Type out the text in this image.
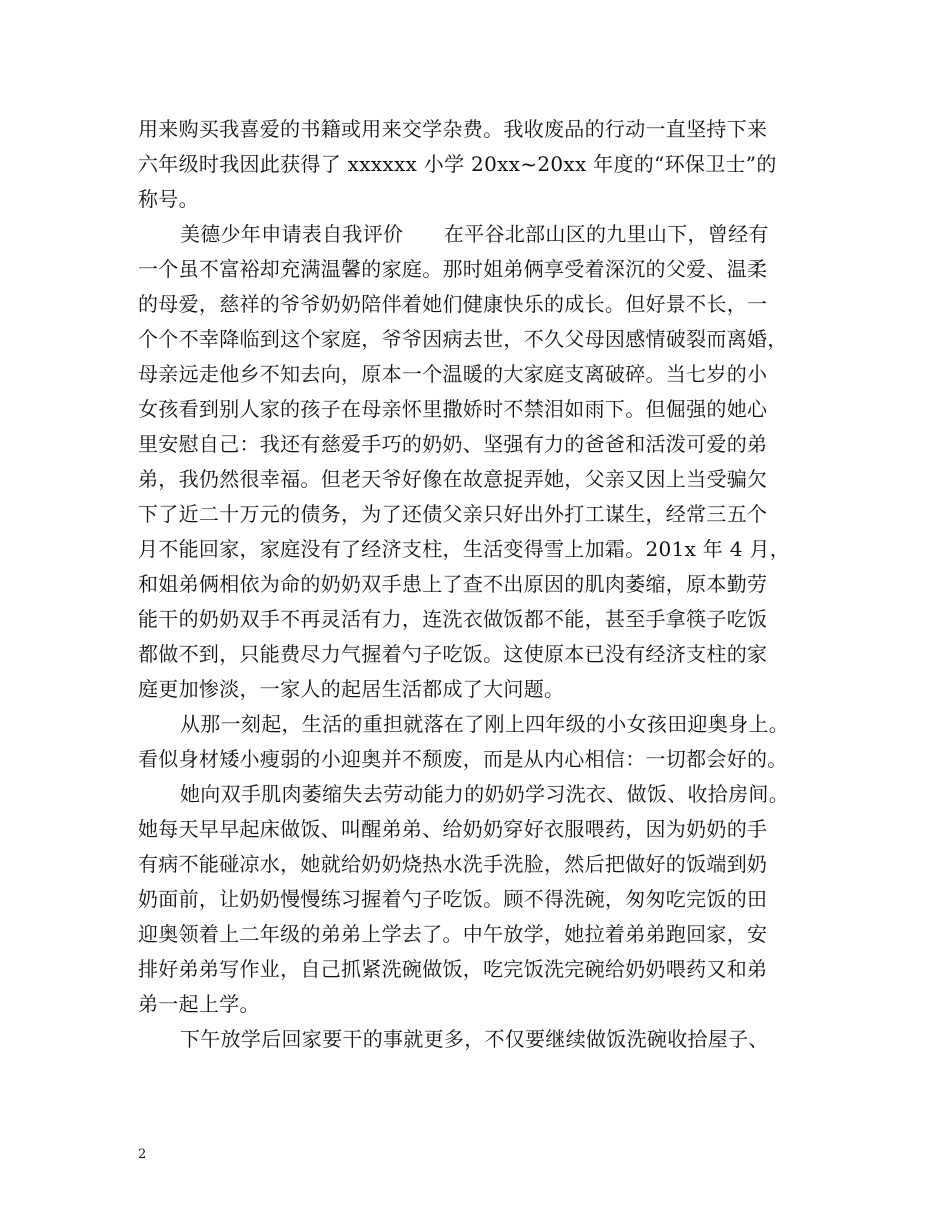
用来购买我喜爱的书籍或用来交学杂费。我收废品的行动一直坚持下来
六年级时我因此获得了 xxxxxx 小学 20xx~20xx 年度的“环保卫士”的
称号。
美德少年申请表自我评价　　在平谷北部山区的九里山下，曾经有
一个虽不富裕却充满温馨的家庭。那时姐弟俩享受着深沉的父爱、温柔
的母爱，慈祥的爷爷奶奶陪伴着她们健康快乐的成长。但好景不长，一
个个不幸降临到这个家庭，爷爷因病去世，不久父母因感情破裂而离婚，
母亲远走他乡不知去向，原本一个温暖的大家庭支离破碎。当七岁的小
女孩看到别人家的孩子在母亲怀里撒娇时不禁泪如雨下。但倔强的她心
里安慰自己：我还有慈爱手巧的奶奶、坚强有力的爸爸和活泼可爱的弟
弟，我仍然很幸福。但老天爷好像在故意捉弄她，父亲又因上当受骗欠
下了近二十万元的债务，为了还债父亲只好出外打工谋生，经常三五个
月不能回家，家庭没有了经济支柱，生活变得雪上加霜。201x 年 4 月，
和姐弟俩相依为命的奶奶双手患上了查不出原因的肌肉萎缩，原本勤劳
能干的奶奶双手不再灵活有力，连洗衣做饭都不能，甚至手拿筷子吃饭
都做不到，只能费尽力气握着勺子吃饭。这使原本已没有经济支柱的家
庭更加惨淡，一家人的起居生活都成了大问题。
从那一刻起，生活的重担就落在了刚上四年级的小女孩田迎奥身上。
看似身材矮小瘦弱的小迎奥并不颓废，而是从内心相信：一切都会好的。
她向双手肌肉萎缩失去劳动能力的奶奶学习洗衣、做饭、收拾房间。
她每天早早起床做饭、叫醒弟弟、给奶奶穿好衣服喂药，因为奶奶的手
有病不能碰凉水，她就给奶奶烧热水洗手洗脸，然后把做好的饭端到奶
奶面前，让奶奶慢慢练习握着勺子吃饭。顾不得洗碗，匆匆吃完饭的田
迎奥领着上二年级的弟弟上学去了。中午放学，她拉着弟弟跑回家，安
排好弟弟写作业，自己抓紧洗碗做饭，吃完饭洗完碗给奶奶喂药又和弟
弟一起上学。
下午放学后回家要干的事就更多，不仅要继续做饭洗碗收拾屋子、
2
